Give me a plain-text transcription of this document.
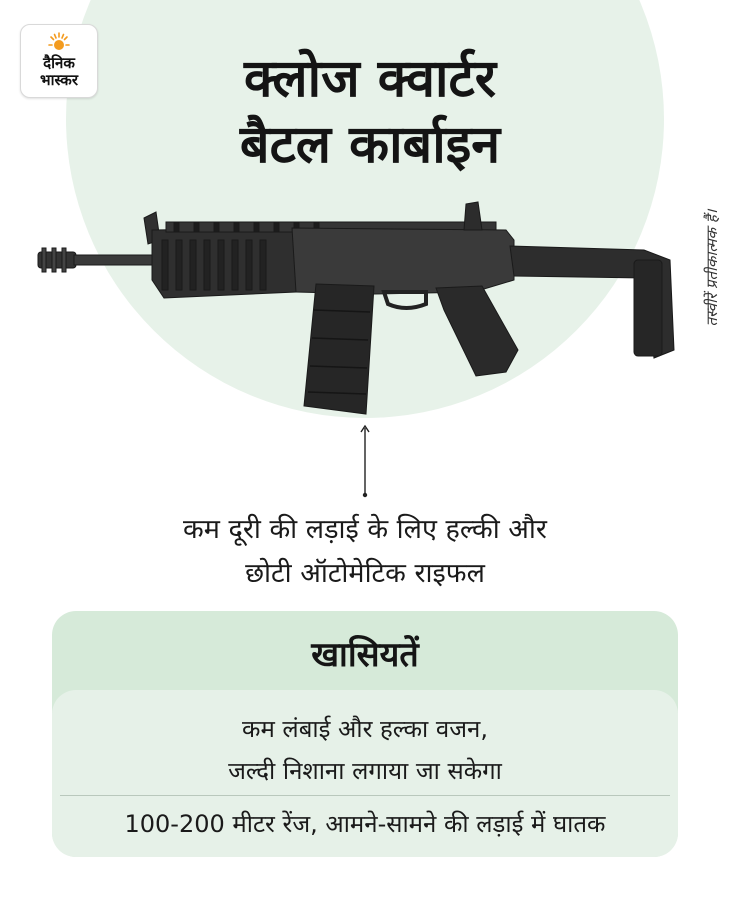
दैनिक
भास्कर	क्लोज क्वार्टर
बैटल कार्बाइन
तस्वीरें प्रतीकात्मक हैं।
कम दूरी की लड़ाई के लिए हल्की और
छोटी ऑटोमेटिक राइफल
खासियतें
कम लंबाई और हल्का वजन,
जल्दी निशाना लगाया जा सकेगा
100-200 मीटर रेंज, आमने-सामने की लड़ाई में घातक
